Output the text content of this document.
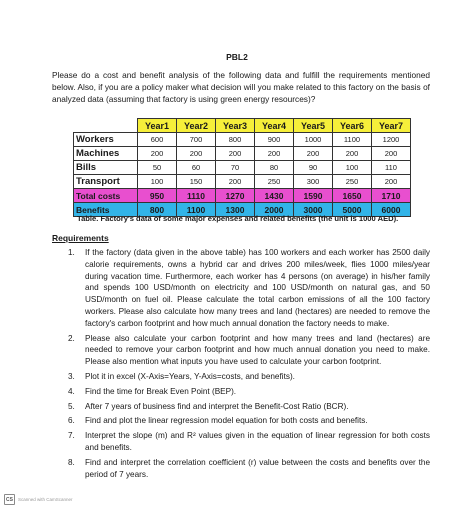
PBL2
Please do a cost and benefit analysis of the following data and fulfill the requirements mentioned below. Also, if you are a policy maker what decision will you make related to this factory on the basis of analyzed data (assuming that factory is using green energy resources)?
	Year1	Year2	Year3	Year4	Year5	Year6	Year7
Workers	600	700	800	900	1000	1100	1200
Machines	200	200	200	200	200	200	200
Bills	50	60	70	80	90	100	110
Transport	100	150	200	250	300	250	200
Total costs	950	1110	1270	1430	1590	1650	1710
Benefits	800	1100	1300	2000	3000	5000	6000
Table. Factory's data of some major expenses and related benefits (the unit is 1000 AED).
Requirements
1. If the factory (data given in the above table) has 100 workers and each worker has 2500 daily calorie requirements, owns a hybrid car and drives 200 miles/week, flies 1000 miles/year during vacation time. Furthermore, each worker has 4 persons (on average) in his/her family and spends 100 USD/month on electricity and 100 USD/month on natural gas, and 50 USD/month on fuel oil. Please calculate the total carbon emissions of all the 100 factory workers. Please also calculate how many trees and land (hectares) are needed to remove the factory's carbon footprint and how much annual donation the factory needs to make.
2. Please also calculate your carbon footprint and how many trees and land (hectares) are needed to remove your carbon footprint and how much annual donation you need to make. Please also mention what inputs you have used to calculate your carbon footprint.
3. Plot it in excel (X-Axis=Years, Y-Axis=costs, and benefits).
4. Find the time for Break Even Point (BEP).
5. After 7 years of business find and interpret the Benefit-Cost Ratio (BCR).
6. Find and plot the linear regression model equation for both costs and benefits.
7. Interpret the slope (m) and R² values given in the equation of linear regression for both costs and benefits.
8. Find and interpret the correlation coefficient (r) value between the costs and benefits over the period of 7 years.
CS	Scanned with CamScanner
